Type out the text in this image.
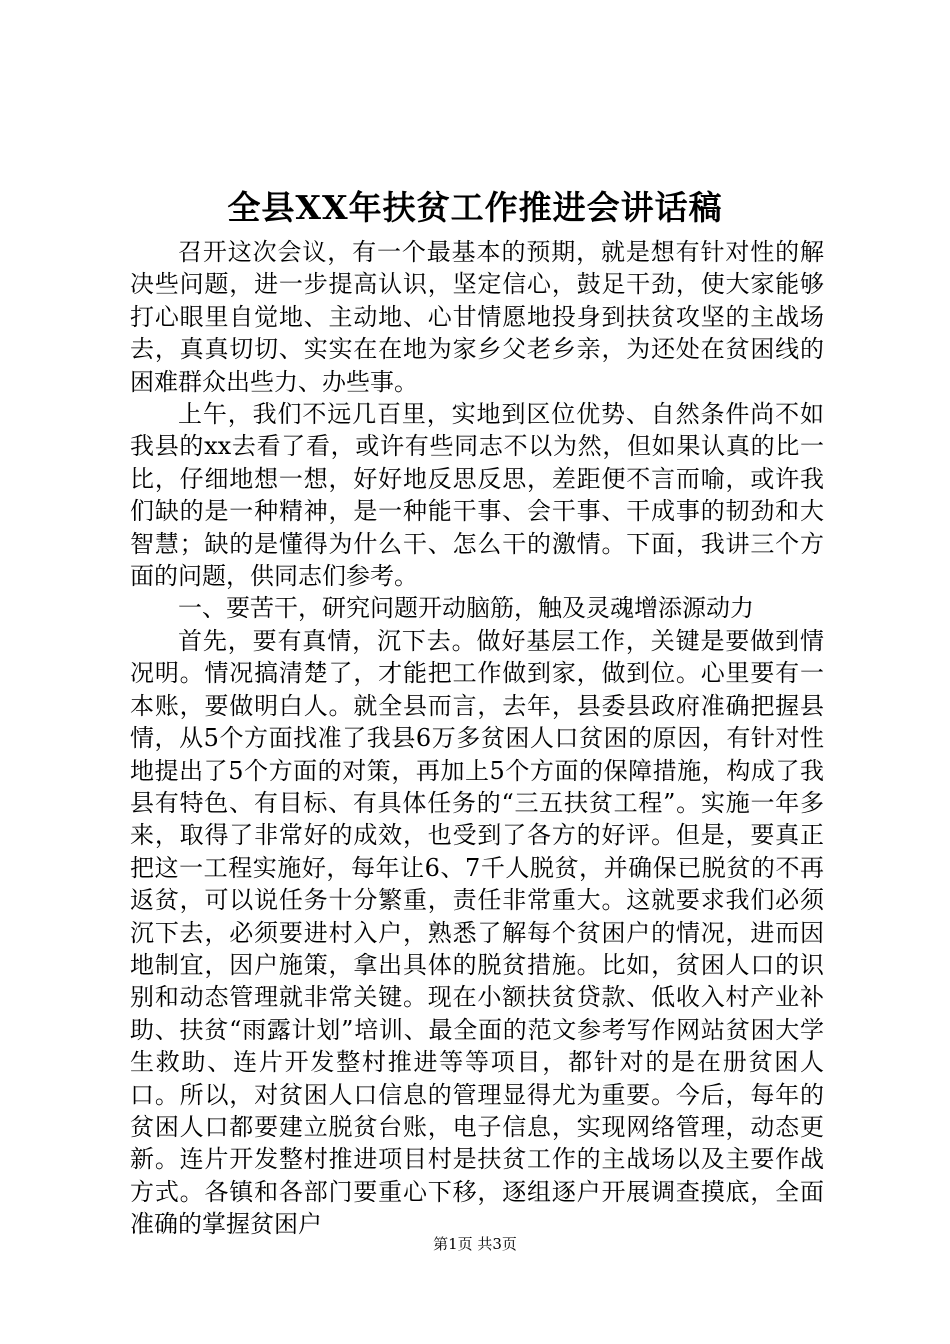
全县XX年扶贫工作推进会讲话稿

召开这次会议，有一个最基本的预期，就是想有针对性的解决些问题，进一步提高认识，坚定信心，鼓足干劲，使大家能够打心眼里自觉地、主动地、心甘情愿地投身到扶贫攻坚的主战场去，真真切切、实实在在地为家乡父老乡亲，为还处在贫困线的困难群众出些力、办些事。

上午，我们不远几百里，实地到区位优势、自然条件尚不如我县的xx去看了看，或许有些同志不以为然，但如果认真的比一比，仔细地想一想，好好地反思反思，差距便不言而喻，或许我们缺的是一种精神，是一种能干事、会干事、干成事的韧劲和大智慧；缺的是懂得为什么干、怎么干的激情。下面，我讲三个方面的问题，供同志们参考。

一、要苦干，研究问题开动脑筋，触及灵魂增添源动力

首先，要有真情，沉下去。做好基层工作，关键是要做到情况明。情况搞清楚了，才能把工作做到家，做到位。心里要有一本账，要做明白人。就全县而言，去年，县委县政府准确把握县情，从5个方面找准了我县6万多贫困人口贫困的原因，有针对性地提出了5个方面的对策，再加上5个方面的保障措施，构成了我县有特色、有目标、有具体任务的“三五扶贫工程”。实施一年多来，取得了非常好的成效，也受到了各方的好评。但是，要真正把这一工程实施好，每年让6、7千人脱贫，并确保已脱贫的不再返贫，可以说任务十分繁重，责任非常重大。这就要求我们必须沉下去，必须要进村入户，熟悉了解每个贫困户的情况，进而因地制宜，因户施策，拿出具体的脱贫措施。比如，贫困人口的识别和动态管理就非常关键。现在小额扶贫贷款、低收入村产业补助、扶贫“雨露计划”培训、最全面的范文参考写作网站贫困大学生救助、连片开发整村推进等等项目，都针对的是在册贫困人口。所以，对贫困人口信息的管理显得尤为重要。今后，每年的贫困人口都要建立脱贫台账，电子信息，实现网络管理，动态更新。连片开发整村推进项目村是扶贫工作的主战场以及主要作战方式。各镇和各部门要重心下移，逐组逐户开展调查摸底，全面准确的掌握贫困户

第1页 共3页
